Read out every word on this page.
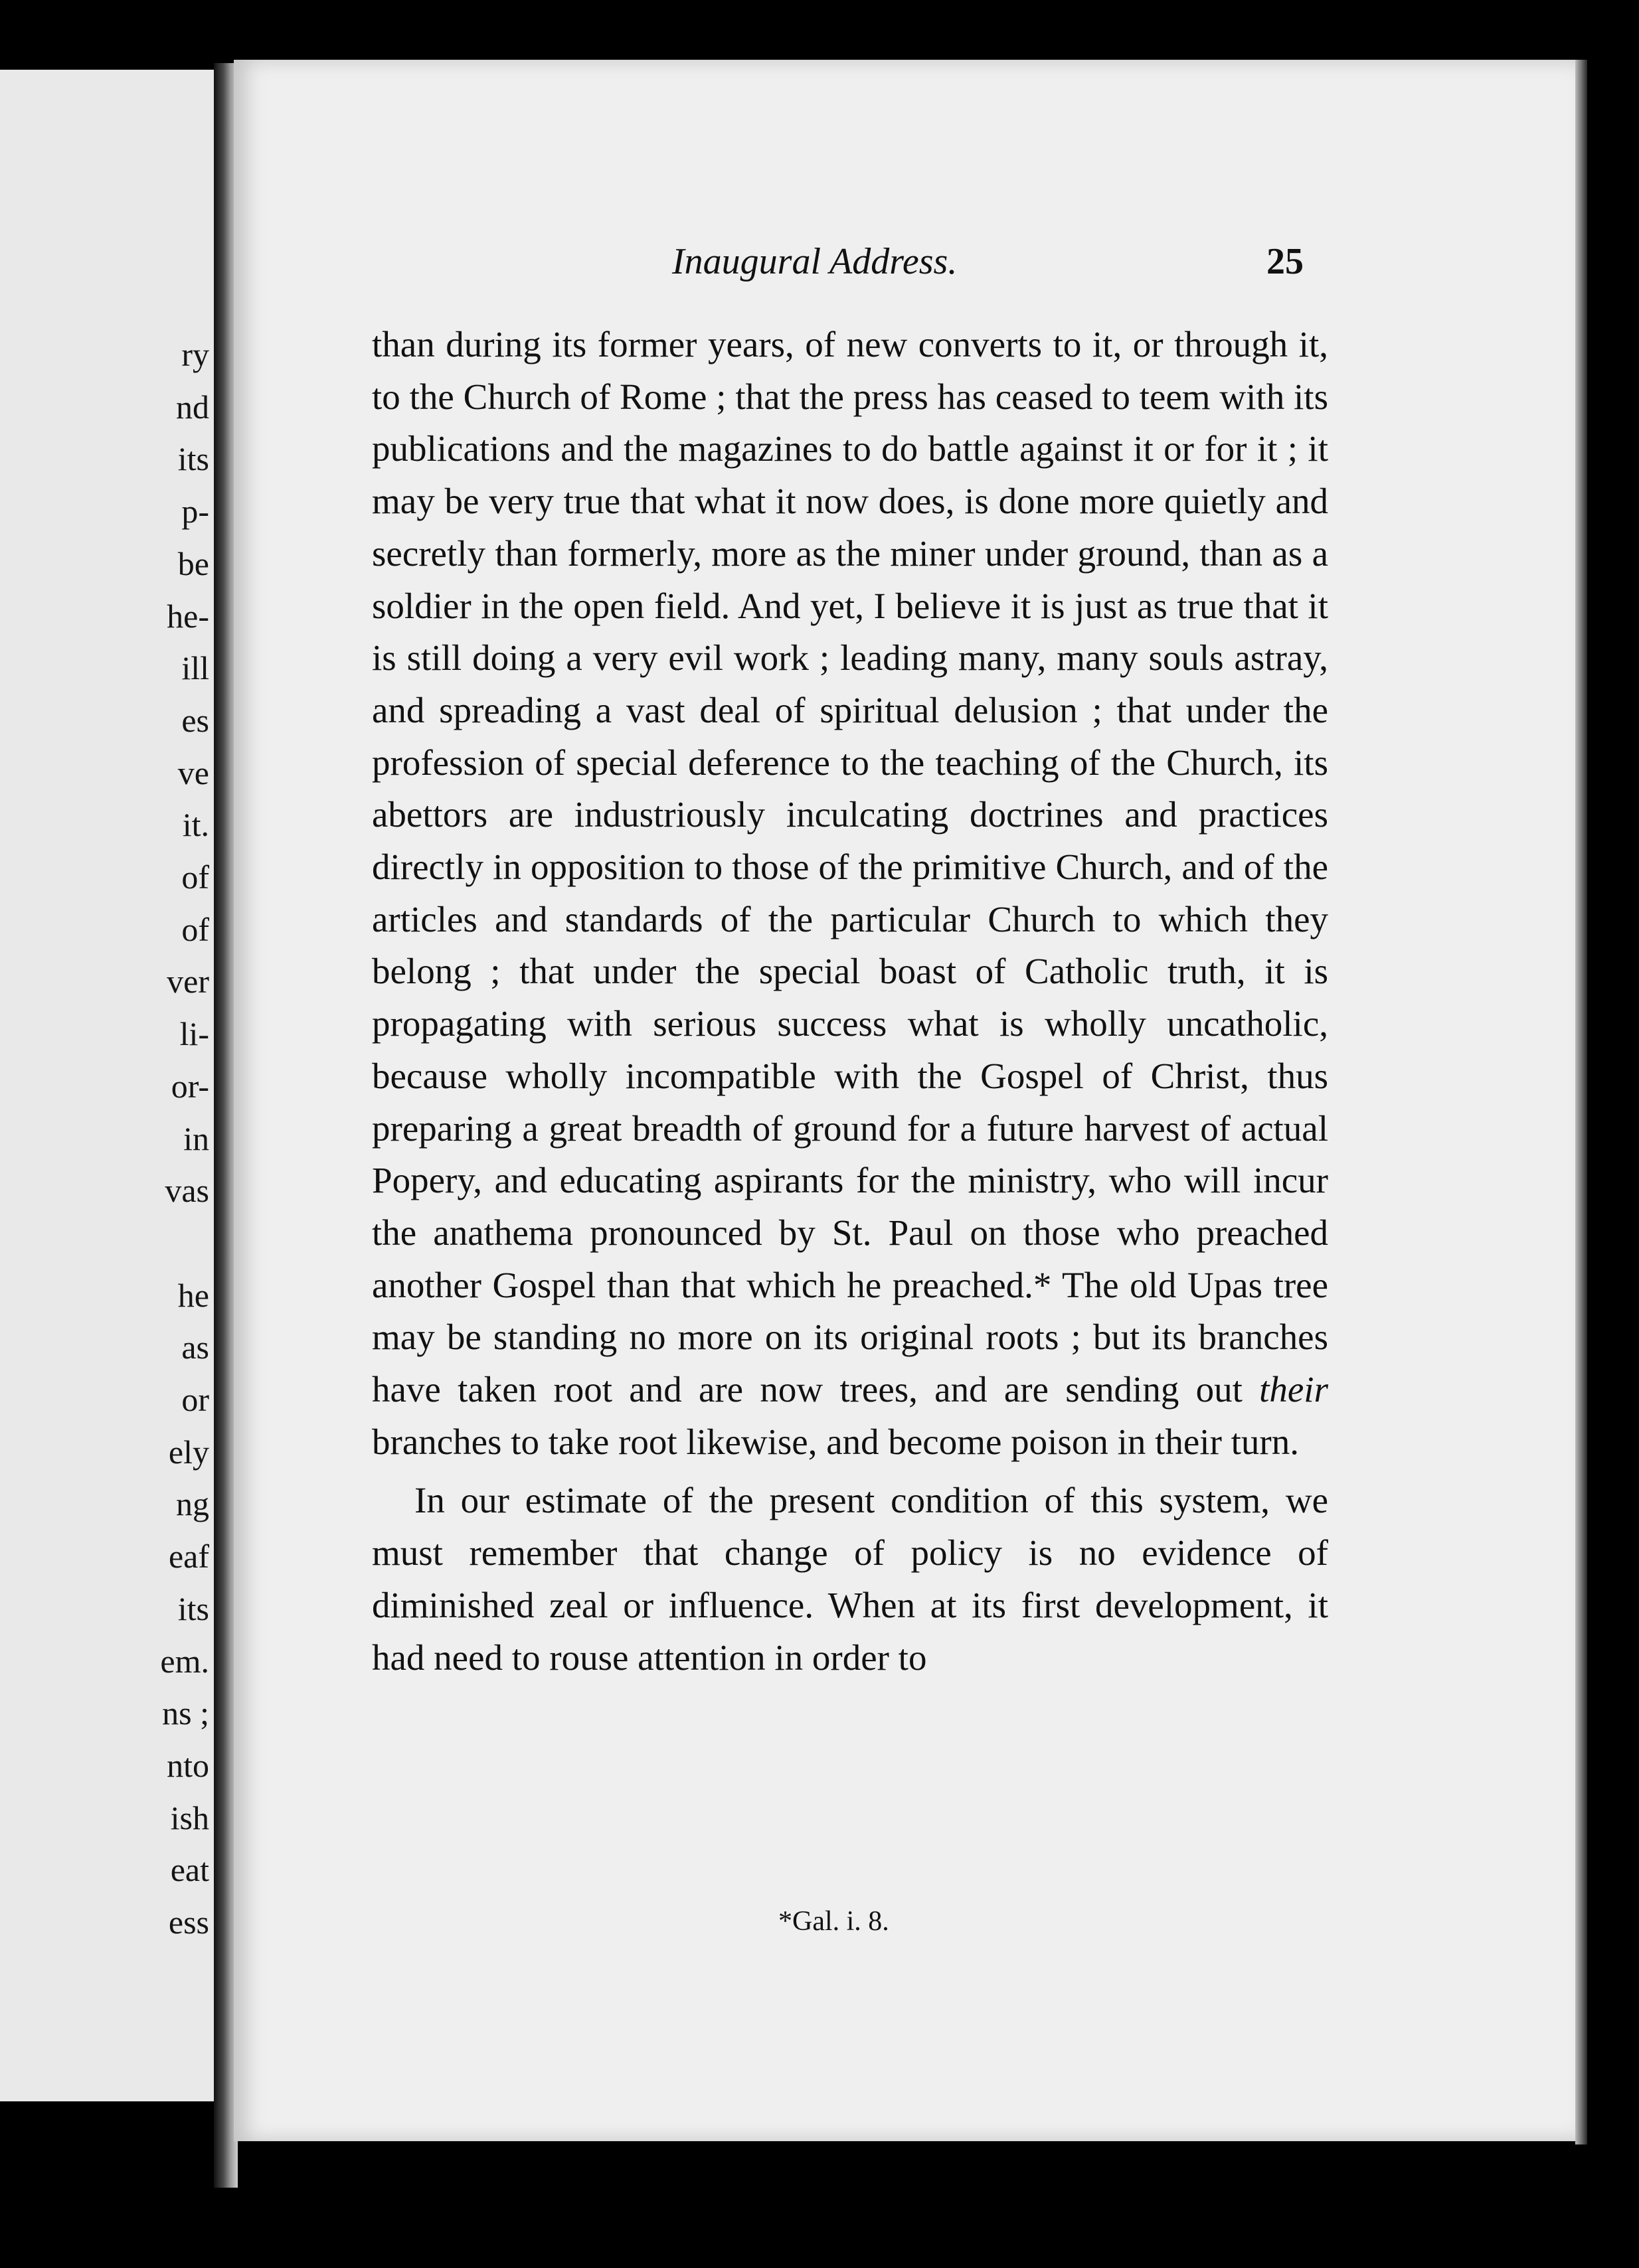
ry
nd
its
p-
be
he-
ill
es
ve
it.
of
of
ver
li-
or-
in
vas
he
as
or
ely
ng
eaf
its
em.
ns ;
nto
ish
eat
ess
Inaugural Address.	25

than during its former years, of new converts to it, or through it, to the Church of Rome ; that the press has ceased to teem with its publications and the magazines to do battle against it or for it ; it may be very true that what it now does, is done more quietly and secretly than formerly, more as the miner under ground, than as a soldier in the open field. And yet, I believe it is just as true that it is still doing a very evil work ; leading many, many souls astray, and spreading a vast deal of spiritual delusion ; that under the profession of special deference to the teaching of the Church, its abettors are industriously inculcating doctrines and practices directly in opposition to those of the primitive Church, and of the articles and standards of the particular Church to which they belong ; that under the special boast of Catholic truth, it is propagating with serious success what is wholly uncatholic, because wholly incompatible with the Gospel of Christ, thus preparing a great breadth of ground for a future harvest of actual Popery, and educating aspirants for the ministry, who will incur the anathema pronounced by St. Paul on those who preached another Gospel than that which he preached.* The old Upas tree may be standing no more on its original roots ; but its branches have taken root and are now trees, and are sending out their branches to take root likewise, and become poison in their turn.

In our estimate of the present condition of this system, we must remember that change of policy is no evidence of diminished zeal or influence. When at its first development, it had need to rouse attention in order to

*Gal. i. 8.
